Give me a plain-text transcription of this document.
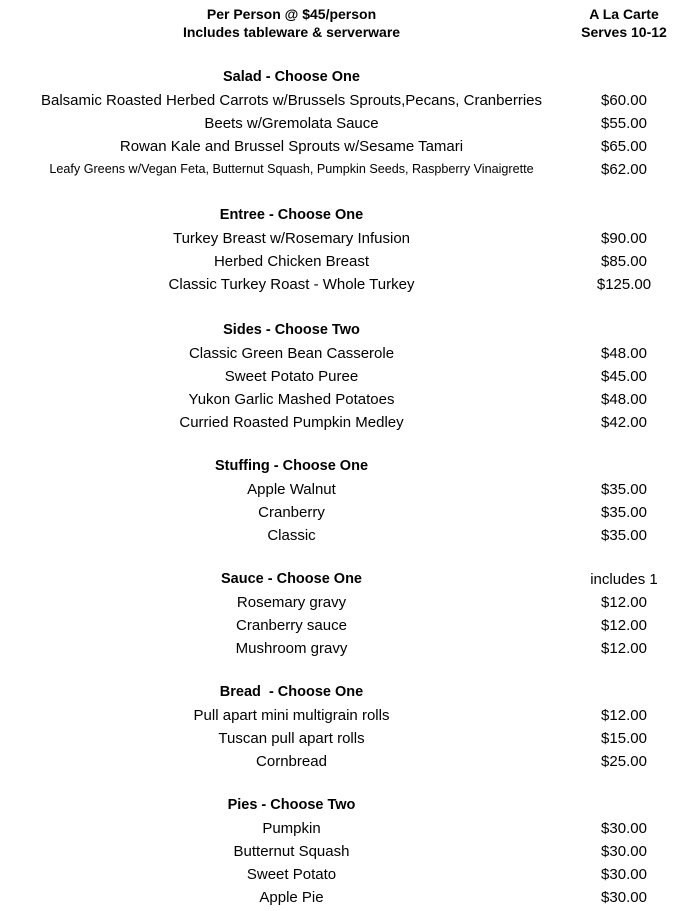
Per Person @ $45/person
Includes tableware & serverware
A La Carte
Serves 10-12
Salad - Choose One
Balsamic Roasted Herbed Carrots w/Brussels Sprouts,Pecans, Cranberries	$60.00
Beets w/Gremolata Sauce	$55.00
Rowan Kale and Brussel Sprouts w/Sesame Tamari	$65.00
Leafy Greens w/Vegan Feta, Butternut Squash, Pumpkin Seeds, Raspberry Vinaigrette	$62.00
Entree - Choose One
Turkey Breast w/Rosemary Infusion	$90.00
Herbed Chicken Breast	$85.00
Classic Turkey Roast - Whole Turkey	$125.00
Sides - Choose Two
Classic Green Bean Casserole	$48.00
Sweet Potato Puree	$45.00
Yukon Garlic Mashed Potatoes	$48.00
Curried Roasted Pumpkin Medley	$42.00
Stuffing - Choose One
Apple Walnut	$35.00
Cranberry	$35.00
Classic	$35.00
Sauce - Choose One	includes 1
Rosemary gravy	$12.00
Cranberry sauce	$12.00
Mushroom gravy	$12.00
Bread  - Choose One
Pull apart mini multigrain rolls	$12.00
Tuscan pull apart rolls	$15.00
Cornbread	$25.00
Pies - Choose Two
Pumpkin	$30.00
Butternut Squash	$30.00
Sweet Potato	$30.00
Apple Pie	$30.00
